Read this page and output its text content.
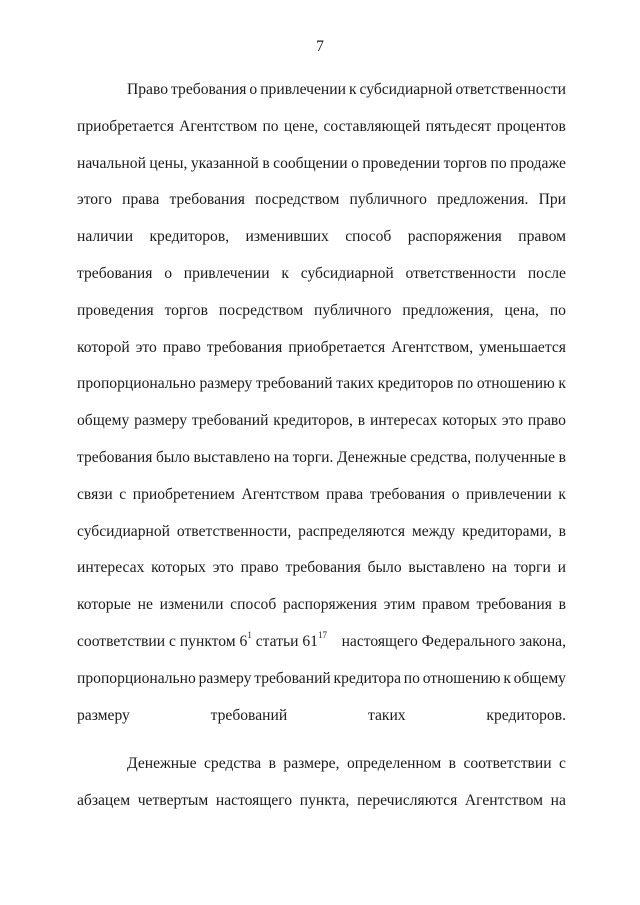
7
Право требования о привлечении к субсидиарной ответственности
приобретается Агентством по цене, составляющей пятьдесят процентов
начальной цены, указанной в сообщении о проведении торгов по продаже
этого права требования посредством публичного предложения. При
наличии кредиторов, изменивших способ распоряжения правом
требования о привлечении к субсидиарной ответственности после
проведения торгов посредством публичного предложения, цена, по
которой это право требования приобретается Агентством, уменьшается
пропорционально размеру требований таких кредиторов по отношению к
общему размеру требований кредиторов, в интересах которых это право
требования было выставлено на торги. Денежные средства, полученные в
связи с приобретением Агентством права требования о привлечении к
субсидиарной ответственности, распределяются между кредиторами, в
интересах которых это право требования было выставлено на торги и
которые не изменили способ распоряжения этим правом требования в
соответствии с пунктом $6^1$ статьи $61^{17}$ настоящего Федерального закона,
пропорционально размеру требований кредитора по отношению к общему
размеру требований таких кредиторов.
Денежные средства в размере, определенном в соответствии с
абзацем четвертым настоящего пункта, перечисляются Агентством на
